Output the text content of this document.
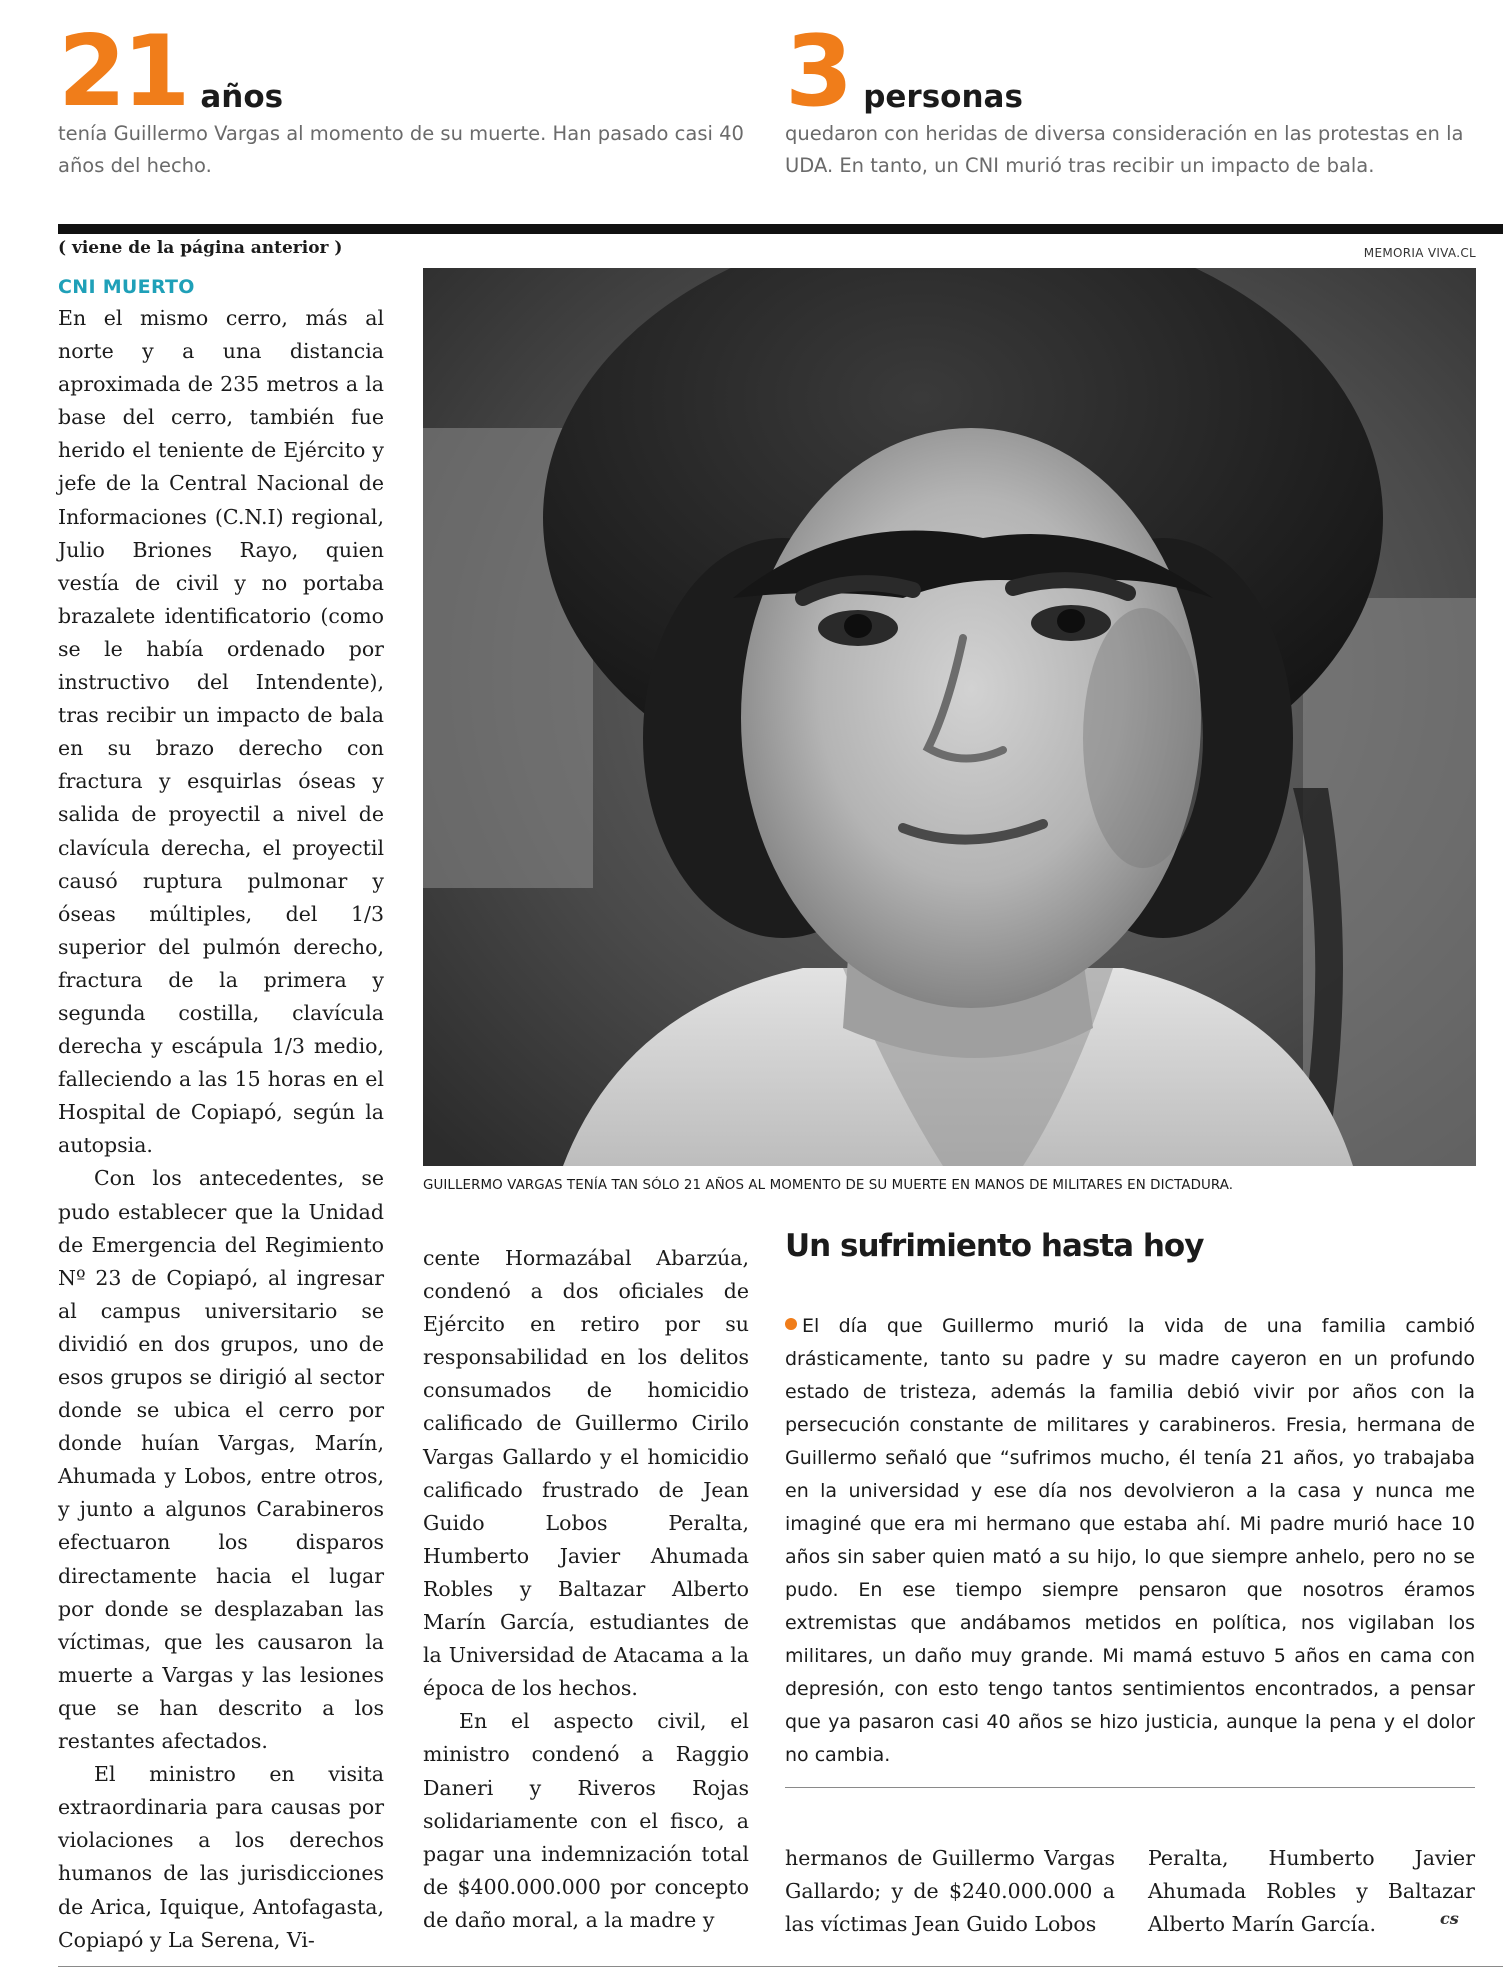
21 años
tenía Guillermo Vargas al momento de su muerte. Han pasado casi 40 años del hecho.
3 personas
quedaron con heridas de diversa consideración en las protestas en la UDA. En tanto, un CNI murió tras recibir un impacto de bala.
( viene de la página anterior )	MEMORIA VIVA.CL
GUILLERMO VARGAS TENÍA TAN SÓLO 21 AÑOS AL MOMENTO DE SU MUERTE EN MANOS DE MILITARES EN DICTADURA.
CNI MUERTO

En el mismo cerro, más al norte y a una distancia aproximada de 235 metros a la base del cerro, también fue herido el teniente de Ejército y jefe de la Central Nacional de Informaciones (C.N.I) regional, Julio Briones Rayo, quien vestía de civil y no portaba brazalete identificatorio (como se le había ordenado por instructivo del Intendente), tras recibir un impacto de bala en su brazo derecho con fractura y esquirlas óseas y salida de proyectil a nivel de clavícula derecha, el proyectil causó ruptura pulmonar y óseas múltiples, del 1/3 superior del pulmón derecho, fractura de la primera y segunda costilla, clavícula derecha y escápula 1/3 medio, falleciendo a las 15 horas en el Hospital de Copiapó, según la autopsia.

Con los antecedentes, se pudo establecer que la Unidad de Emergencia del Regimiento Nº 23 de Copiapó, al ingresar al campus universitario se dividió en dos grupos, uno de esos grupos se dirigió al sector donde se ubica el cerro por donde huían Vargas, Marín, Ahumada y Lobos, entre otros, y junto a algunos Carabineros efectuaron los disparos directamente hacia el lugar por donde se desplazaban las víctimas, que les causaron la muerte a Vargas y las lesiones que se han descrito a los restantes afectados.

El ministro en visita extraordinaria para causas por violaciones a los derechos humanos de las jurisdicciones de Arica, Iquique, Antofagasta, Copiapó y La Serena, Vi-

cente Hormazábal Abarzúa, condenó a dos oficiales de Ejército en retiro por su responsabilidad en los delitos consumados de homicidio calificado de Guillermo Cirilo Vargas Gallardo y el homicidio calificado frustrado de Jean Guido Lobos Peralta, Humberto Javier Ahumada Robles y Baltazar Alberto Marín García, estudiantes de la Universidad de Atacama a la época de los hechos.

En el aspecto civil, el ministro condenó a Raggio Daneri y Riveros Rojas solidariamente con el fisco, a pagar una indemnización total de $400.000.000 por concepto de daño moral, a la madre y

Un sufrimiento hasta hoy
El día que Guillermo murió la vida de una familia cambió drásticamente, tanto su padre y su madre cayeron en un profundo estado de tristeza, además la familia debió vivir por años con la persecución constante de militares y carabineros. Fresia, hermana de Guillermo señaló que “sufrimos mucho, él tenía 21 años, yo trabajaba en la universidad y ese día nos devolvieron a la casa y nunca me imaginé que era mi hermano que estaba ahí. Mi padre murió hace 10 años sin saber quien mató a su hijo, lo que siempre anhelo, pero no se pudo. En ese tiempo siempre pensaron que nosotros éramos extremistas que andábamos metidos en política, nos vigilaban los militares, un daño muy grande. Mi mamá estuvo 5 años en cama con depresión, con esto tengo tantos sentimientos encontrados, a pensar que ya pasaron casi 40 años se hizo justicia, aunque la pena y el dolor no cambia.

hermanos de Guillermo Vargas Gallardo; y de $240.000.000 a las víctimas Jean Guido Lobos

Peralta, Humberto Javier Ahumada Robles y Baltazar Alberto Marín García.	cs
